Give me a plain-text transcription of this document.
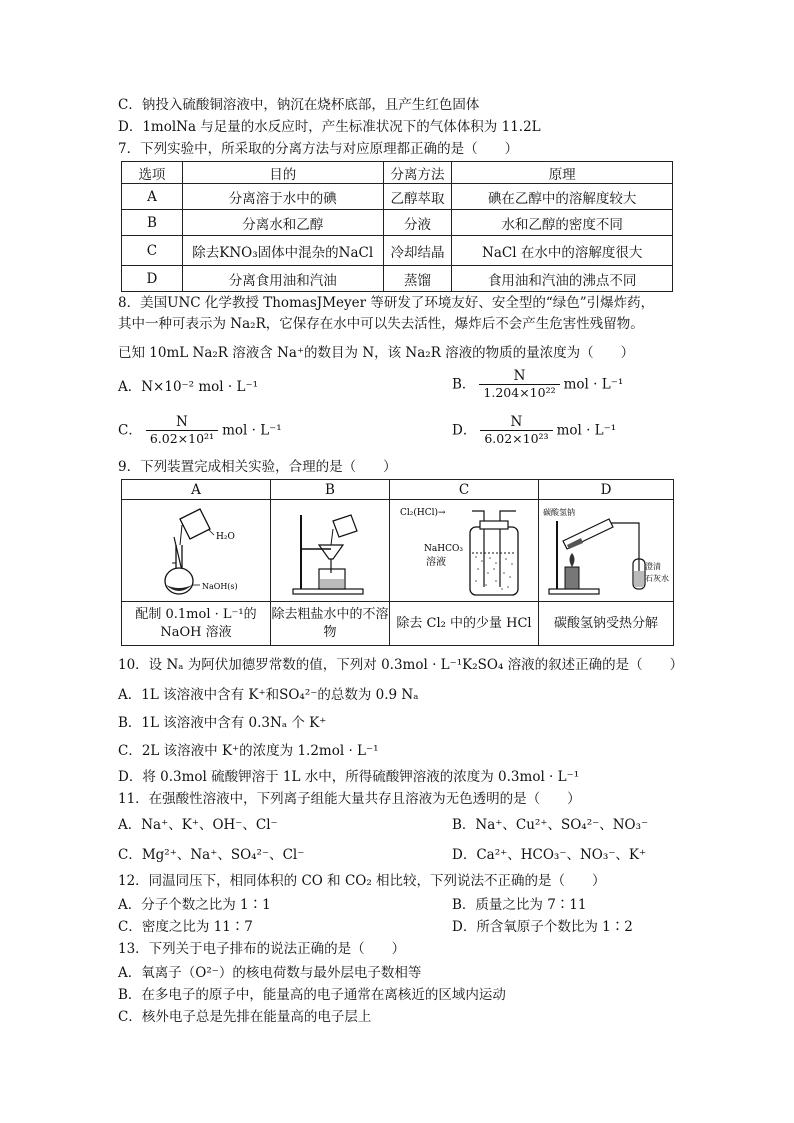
C．钠投入硫酸铜溶液中，钠沉在烧杯底部，且产生红色固体
D．1molNa 与足量的水反应时，产生标准状况下的气体体积为 11.2L
7．下列实验中，所采取的分离方法与对应原理都正确的是（　　）
选项	目的	分离方法	原理
A	分离溶于水中的碘	乙醇萃取	碘在乙醇中的溶解度较大
B	分离水和乙醇	分液	水和乙醇的密度不同
C	除去KNO₃固体中混杂的NaCl	冷却结晶	NaCl 在水中的溶解度很大
D	分离食用油和汽油	蒸馏	食用油和汽油的沸点不同
8．美国UNC 化学教授 ThomasJMeyer 等研发了环境友好、安全型的“绿色”引爆炸药，
其中一种可表示为 Na₂R，它保存在水中可以失去活性，爆炸后不会产生危害性残留物。
已知 10mL Na₂R 溶液含 Na⁺的数目为 N，该 Na₂R 溶液的物质的量浓度为（　　）
A．N×10⁻² mol · L⁻¹	B． $\frac{N}{\text{1.204×10²²}}$ mol · L⁻¹
C． $\frac{N}{\text{6.02×10²¹}}$ mol · L⁻¹	D． $\frac{N}{\text{6.02×10²³}}$ mol · L⁻¹
9．下列装置完成相关实验，合理的是（　　）
A	B	C	D

H₂O
NaOH(s)		Cl₂(HCl)→
NaHCO₃
溶液	碳酸氢钠
澄清
石灰水

配制 0.1mol · L⁻¹的 NaOH 溶液	除去粗盐水中的不溶物	除去 Cl₂ 中的少量 HCl	碳酸氢钠受热分解
10．设 Nₐ 为阿伏加德罗常数的值，下列对 0.3mol · L⁻¹K₂SO₄ 溶液的叙述正确的是（　　）
A．1L 该溶液中含有 K⁺和SO₄²⁻的总数为 0.9 Nₐ
B．1L 该溶液中含有 0.3Nₐ 个 K⁺
C．2L 该溶液中 K⁺的浓度为 1.2mol · L⁻¹
D．将 0.3mol 硫酸钾溶于 1L 水中，所得硫酸钾溶液的浓度为 0.3mol · L⁻¹
11．在强酸性溶液中，下列离子组能大量共存且溶液为无色透明的是（　　）
A．Na⁺、K⁺、OH⁻、Cl⁻	B．Na⁺、Cu²⁺、SO₄²⁻、NO₃⁻
C．Mg²⁺、Na⁺、SO₄²⁻、Cl⁻	D．Ca²⁺、HCO₃⁻、NO₃⁻、K⁺
12．同温同压下，相同体积的 CO 和 CO₂ 相比较，下列说法不正确的是（　　）
A．分子个数之比为 1∶1	B．质量之比为 7∶11
C．密度之比为 11∶7	D．所含氧原子个数比为 1∶2
13．下列关于电子排布的说法正确的是（　　）
A．氧离子（O²⁻）的核电荷数与最外层电子数相等
B．在多电子的原子中，能量高的电子通常在离核近的区域内运动
C．核外电子总是先排在能量高的电子层上
